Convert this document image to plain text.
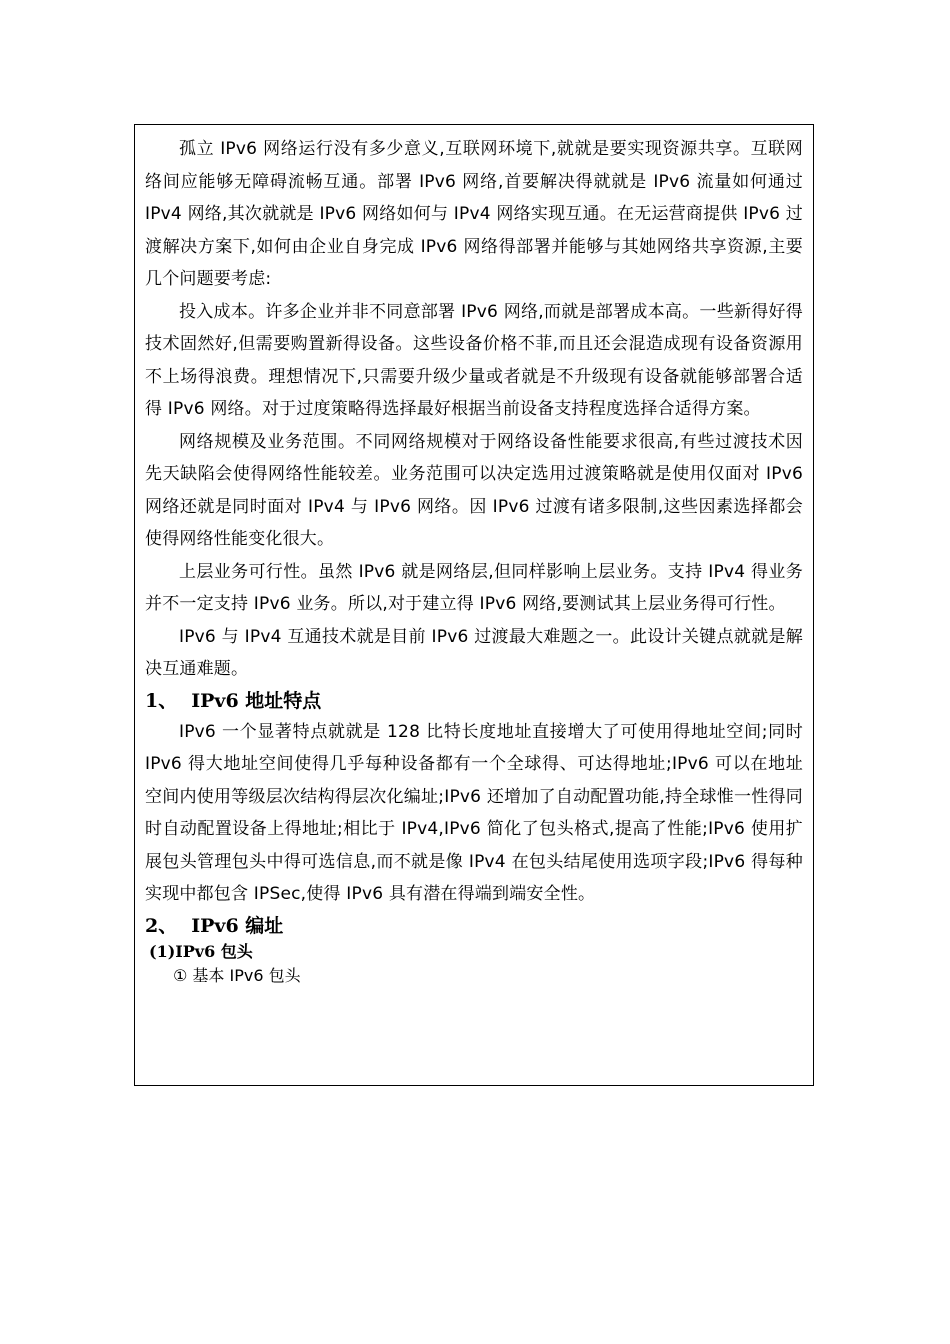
孤立 IPv6 网络运行没有多少意义,互联网环境下,就就是要实现资源共享。互联网络间应能够无障碍流畅互通。部署 IPv6 网络,首要解决得就就是 IPv6 流量如何通过 IPv4 网络,其次就就是 IPv6 网络如何与 IPv4 网络实现互通。在无运营商提供 IPv6 过渡解决方案下,如何由企业自身完成 IPv6 网络得部署并能够与其她网络共享资源,主要几个问题要考虑:

投入成本。许多企业并非不同意部署 IPv6 网络,而就是部署成本高。一些新得好得技术固然好,但需要购置新得设备。这些设备价格不菲,而且还会混造成现有设备资源用不上场得浪费。理想情况下,只需要升级少量或者就是不升级现有设备就能够部署合适得 IPv6 网络。对于过度策略得选择最好根据当前设备支持程度选择合适得方案。

网络规模及业务范围。不同网络规模对于网络设备性能要求很高,有些过渡技术因先天缺陷会使得网络性能较差。业务范围可以决定选用过渡策略就是使用仅面对 IPv6 网络还就是同时面对 IPv4 与 IPv6 网络。因 IPv6 过渡有诸多限制,这些因素选择都会使得网络性能变化很大。

上层业务可行性。虽然 IPv6 就是网络层,但同样影响上层业务。支持 IPv4 得业务并不一定支持 IPv6 业务。所以,对于建立得 IPv6 网络,要测试其上层业务得可行性。

IPv6 与 IPv4 互通技术就是目前 IPv6 过渡最大难题之一。此设计关键点就就是解决互通难题。

1、 IPv6 地址特点

IPv6 一个显著特点就就是 128 比特长度地址直接增大了可使用得地址空间;同时 IPv6 得大地址空间使得几乎每种设备都有一个全球得、可达得地址;IPv6 可以在地址空间内使用等级层次结构得层次化编址;IPv6 还增加了自动配置功能,持全球惟一性得同时自动配置设备上得地址;相比于 IPv4,IPv6 简化了包头格式,提高了性能;IPv6 使用扩展包头管理包头中得可选信息,而不就是像 IPv4 在包头结尾使用选项字段;IPv6 得每种实现中都包含 IPSec,使得 IPv6 具有潜在得端到端安全性。

2、 IPv6 编址

(1)IPv6 包头

① 基本 IPv6 包头
